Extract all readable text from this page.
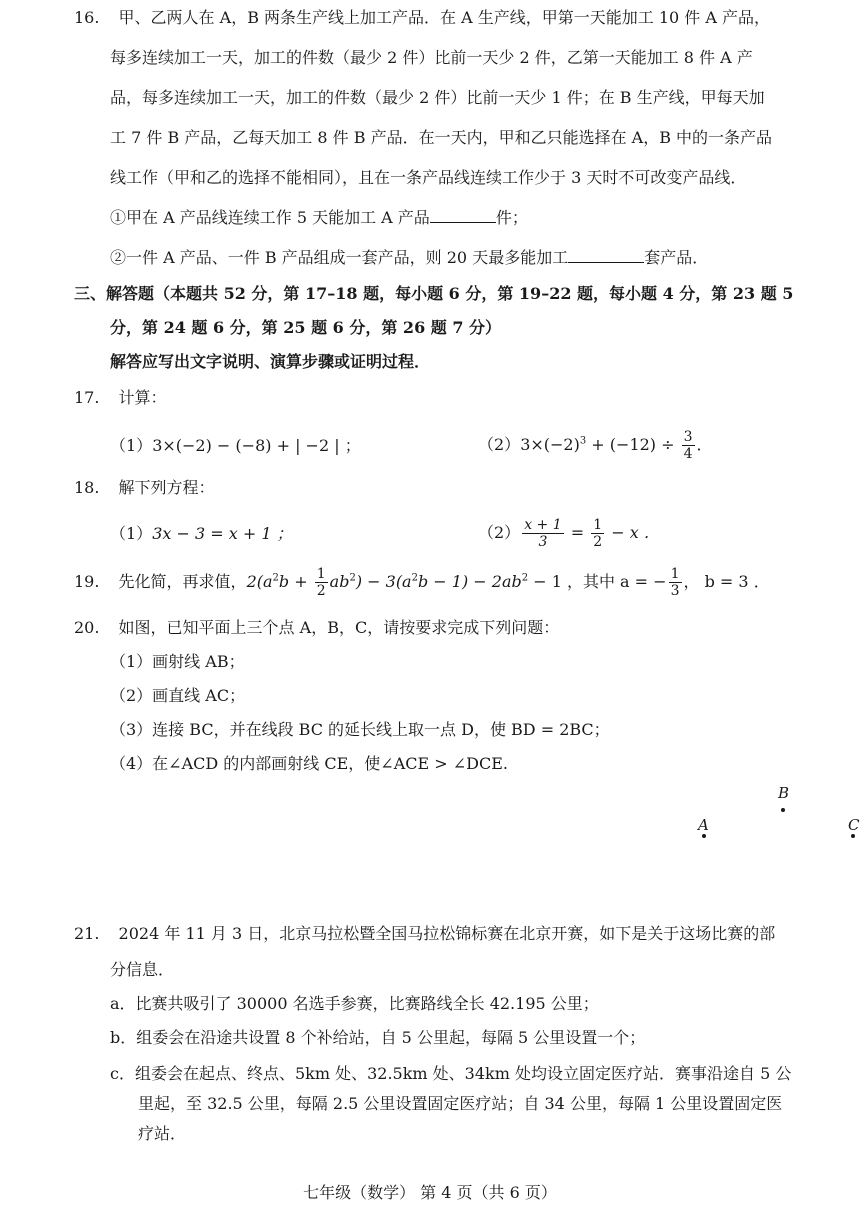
16. 甲、乙两人在 A，B 两条生产线上加工产品．在 A 生产线，甲第一天能加工 10 件 A 产品，
每多连续加工一天，加工的件数（最少 2 件）比前一天少 2 件，乙第一天能加工 8 件 A 产
品，每多连续加工一天，加工的件数（最少 2 件）比前一天少 1 件；在 B 生产线，甲每天加
工 7 件 B 产品，乙每天加工 8 件 B 产品．在一天内，甲和乙只能选择在 A，B 中的一条产品
线工作（甲和乙的选择不能相同），且在一条产品线连续工作少于 3 天时不可改变产品线．
①甲在 A 产品线连续工作 5 天能加工 A 产品	件；
②一件 A 产品、一件 B 产品组成一套产品，则 20 天最多能加工	套产品．
三、解答题（本题共 52 分，第 17–18 题，每小题 6 分，第 19–22 题，每小题 4 分，第 23 题 5
分，第 24 题 6 分，第 25 题 6 分，第 26 题 7 分）
解答应写出文字说明、演算步骤或证明过程．
17. 计算：
（1）3×(−2) − (−8) + | −2 | ；	$(2)3\times(-2)^3 + (-12) \div \frac{3}{4}$ ．
18. 解下列方程：
（1）3x − 3 = x + 1 ；	$(2) \frac{x + 1}{3} = \frac{1}{2} - x$ ．
19. 先化简，再求值，$2(a^2b + \frac{1}{2} ab^2) - 3(a^2b - 1) - 2ab^2 - 1$ ，其中 a = − $\frac{1}{3}$ ， b = 3 ．
20. 如图，已知平面上三个点 A，B，C，请按要求完成下列问题：
（1）画射线 AB；
（2）画直线 AC；
（3）连接 BC，并在线段 BC 的延长线上取一点 D，使 BD = 2BC；
（4）在∠ACD 的内部画射线 CE，使∠ACE > ∠DCE.
B
A	C
21. 2024 年 11 月 3 日，北京马拉松暨全国马拉松锦标赛在北京开赛，如下是关于这场比赛的部
分信息．
a．比赛共吸引了 30000 名选手参赛，比赛路线全长 42.195 公里；
b．组委会在沿途共设置 8 个补给站，自 5 公里起，每隔 5 公里设置一个；
c．组委会在起点、终点、5km 处、32.5km 处、34km 处均设立固定医疗站．赛事沿途自 5 公
里起，至 32.5 公里，每隔 2.5 公里设置固定医疗站；自 34 公里，每隔 1 公里设置固定医
疗站．
七年级（数学） 第 4 页（共 6 页）
